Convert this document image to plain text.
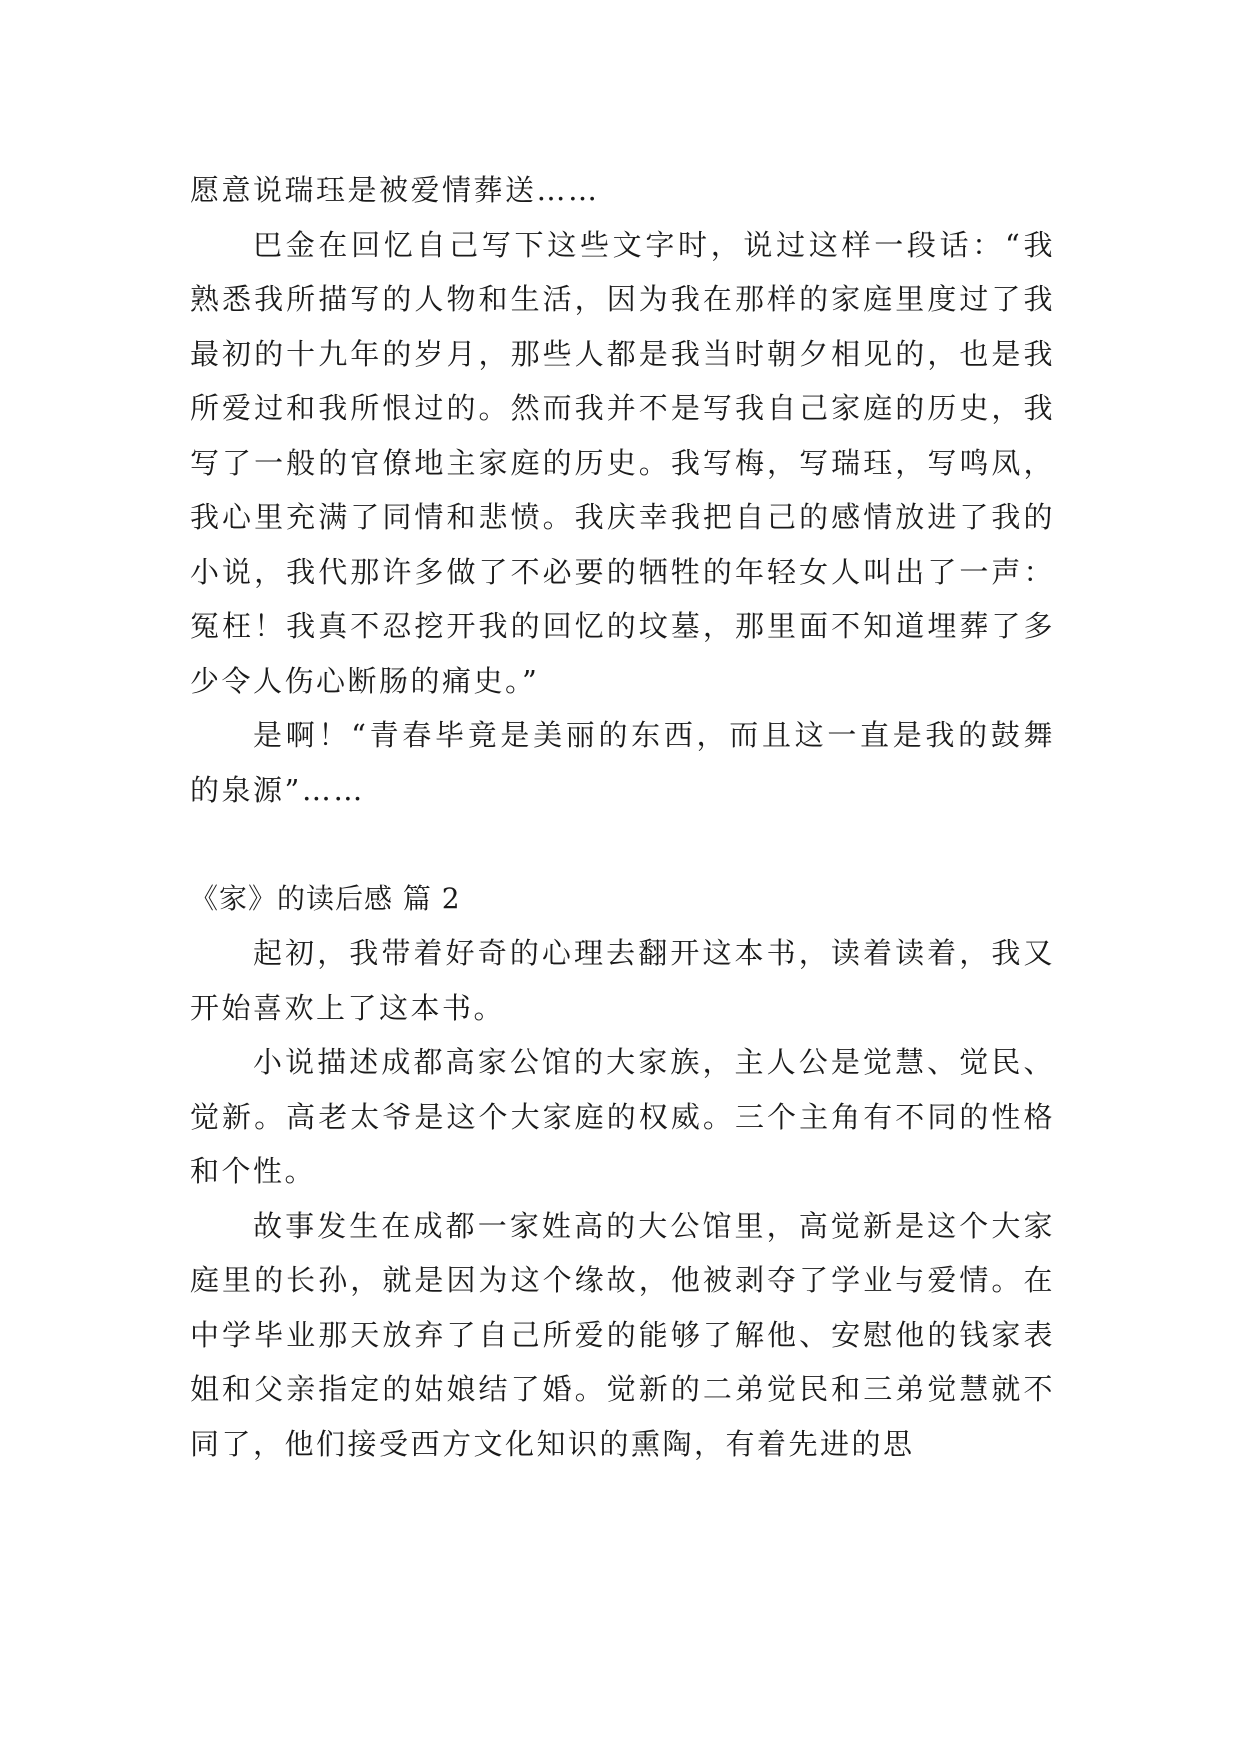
愿意说瑞珏是被爱情葬送……

巴金在回忆自己写下这些文字时，说过这样一段话：“我熟悉我所描写的人物和生活，因为我在那样的家庭里度过了我最初的十九年的岁月，那些人都是我当时朝夕相见的，也是我所爱过和我所恨过的。然而我并不是写我自己家庭的历史，我写了一般的官僚地主家庭的历史。我写梅，写瑞珏，写鸣凤，我心里充满了同情和悲愤。我庆幸我把自己的感情放进了我的小说，我代那许多做了不必要的牺牲的年轻女人叫出了一声：冤枉！我真不忍挖开我的回忆的坟墓，那里面不知道埋葬了多少令人伤心断肠的痛史。”

是啊！“青春毕竟是美丽的东西，而且这一直是我的鼓舞的泉源”……

《家》的读后感 篇 2

起初，我带着好奇的心理去翻开这本书，读着读着，我又开始喜欢上了这本书。

小说描述成都高家公馆的大家族，主人公是觉慧、觉民、觉新。高老太爷是这个大家庭的权威。三个主角有不同的性格和个性。

故事发生在成都一家姓高的大公馆里，高觉新是这个大家庭里的长孙，就是因为这个缘故，他被剥夺了学业与爱情。在中学毕业那天放弃了自己所爱的能够了解他、安慰他的钱家表姐和父亲指定的姑娘结了婚。觉新的二弟觉民和三弟觉慧就不同了，他们接受西方文化知识的熏陶，有着先进的思
